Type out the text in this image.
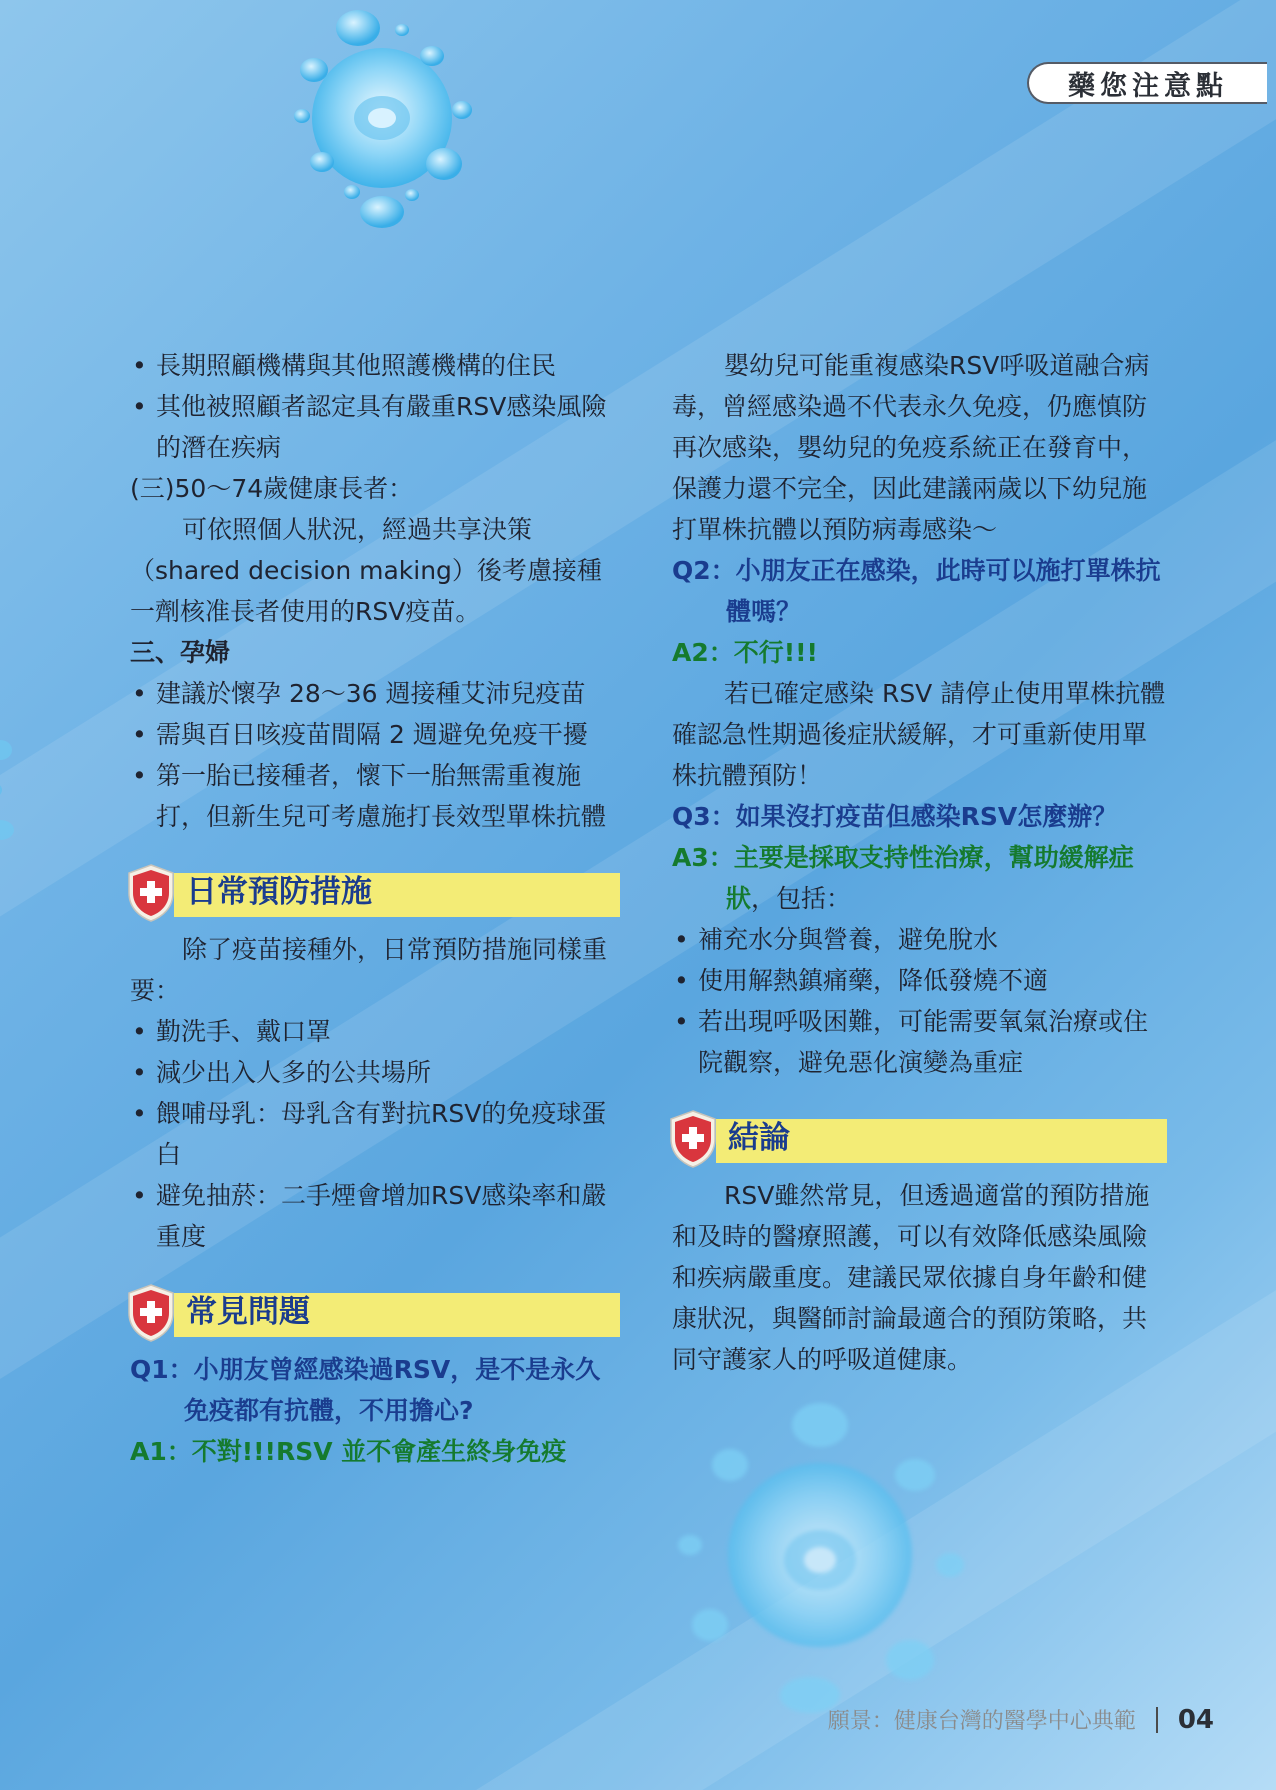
藥您注意點

• 長期照顧機構與其他照護機構的住民

• 其他被照顧者認定具有嚴重RSV感染風險的潛在疾病

(三)50～74歲健康長者：

可依照個人狀況，經過共享決策（shared decision making）後考慮接種一劑核准長者使用的RSV疫苗。

三、孕婦

• 建議於懷孕 28～36 週接種艾沛兒疫苗

• 需與百日咳疫苗間隔 2 週避免免疫干擾

• 第一胎已接種者，懷下一胎無需重複施打，但新生兒可考慮施打長效型單株抗體

日常預防措施

除了疫苗接種外，日常預防措施同樣重要：

• 勤洗手、戴口罩

• 減少出入人多的公共場所

• 餵哺母乳：母乳含有對抗RSV的免疫球蛋白

• 避免抽菸：二手煙會增加RSV感染率和嚴重度

常見問題

Q1：小朋友曾經感染過RSV，是不是永久免疫都有抗體，不用擔心?

A1：不對!!!RSV 並不會產生終身免疫

嬰幼兒可能重複感染RSV呼吸道融合病毒，曾經感染過不代表永久免疫，仍應慎防再次感染，嬰幼兒的免疫系統正在發育中，保護力還不完全，因此建議兩歲以下幼兒施打單株抗體以預防病毒感染～

Q2：小朋友正在感染，此時可以施打單株抗體嗎？

A2：不行!!!

若已確定感染 RSV 請停止使用單株抗體確認急性期過後症狀緩解，才可重新使用單株抗體預防！

Q3：如果沒打疫苗但感染RSV怎麼辦？

A3：主要是採取支持性治療，幫助緩解症狀，包括：

• 補充水分與營養，避免脫水

• 使用解熱鎮痛藥，降低發燒不適

• 若出現呼吸困難，可能需要氧氣治療或住院觀察，避免惡化演變為重症

結論

RSV雖然常見，但透過適當的預防措施和及時的醫療照護，可以有效降低感染風險和疾病嚴重度。建議民眾依據自身年齡和健康狀況，與醫師討論最適合的預防策略，共同守護家人的呼吸道健康。

願景：健康台灣的醫學中心典範 04
